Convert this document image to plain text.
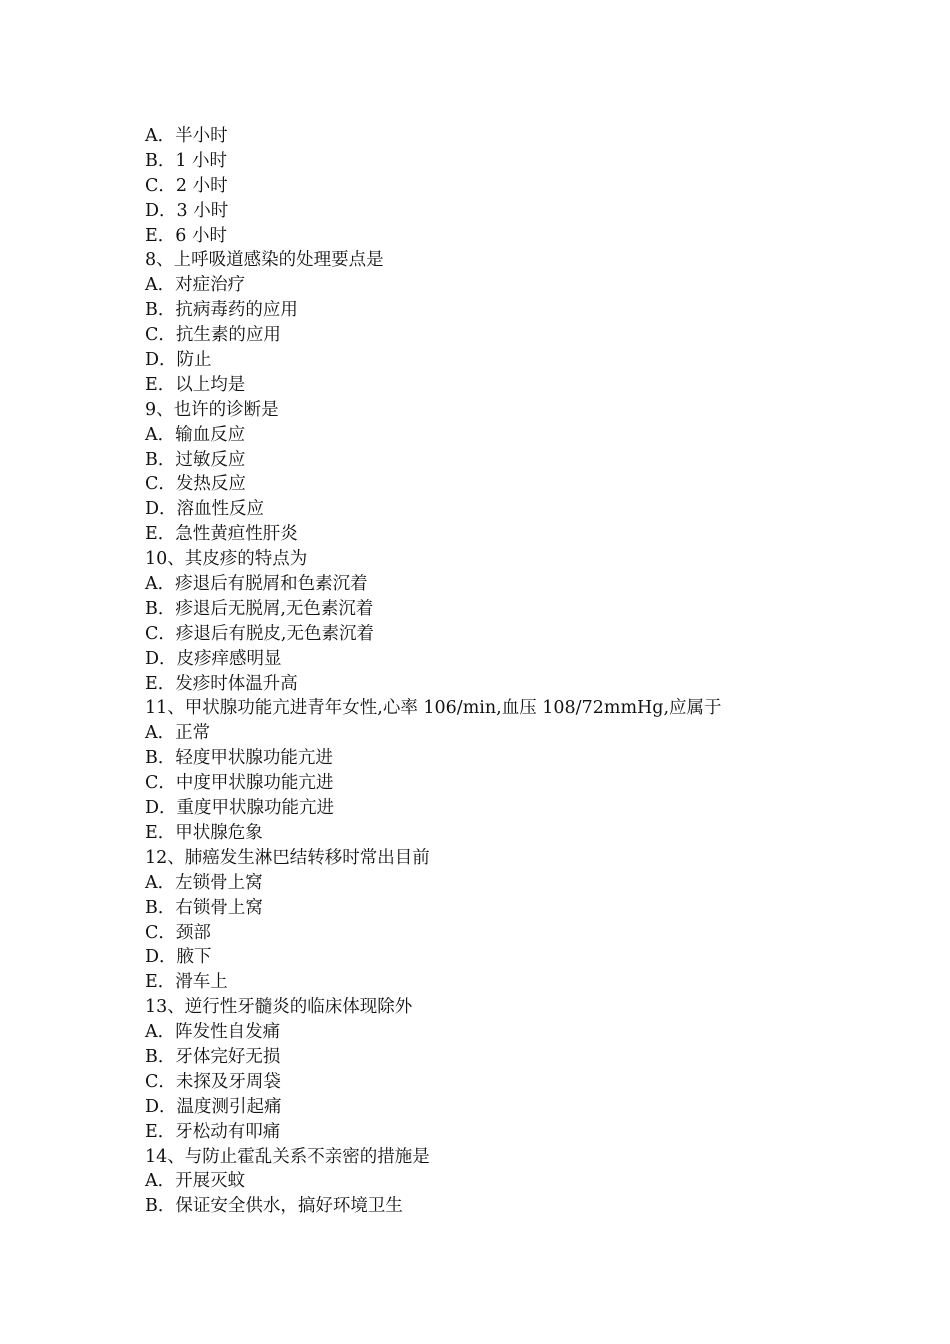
A．半小时
B．1 小时
C．2 小时
D．3 小时
E．6 小时
8、上呼吸道感染的处理要点是
A．对症治疗
B．抗病毒药的应用
C．抗生素的应用
D．防止
E．以上均是
9、也许的诊断是
A．输血反应
B．过敏反应
C．发热反应
D．溶血性反应
E．急性黄疸性肝炎
10、其皮疹的特点为
A．疹退后有脱屑和色素沉着
B．疹退后无脱屑,无色素沉着
C．疹退后有脱皮,无色素沉着
D．皮疹痒感明显
E．发疹时体温升高
11、甲状腺功能亢进青年女性,心率 106/min,血压 108/72mmHg,应属于
A．正常
B．轻度甲状腺功能亢进
C．中度甲状腺功能亢进
D．重度甲状腺功能亢进
E．甲状腺危象
12、肺癌发生淋巴结转移时常出目前
A．左锁骨上窝
B．右锁骨上窝
C．颈部
D．腋下
E．滑车上
13、逆行性牙髓炎的临床体现除外
A．阵发性自发痛
B．牙体完好无损
C．未探及牙周袋
D．温度测引起痛
E．牙松动有叩痛
14、与防止霍乱关系不亲密的措施是
A．开展灭蚊
B．保证安全供水，搞好环境卫生
